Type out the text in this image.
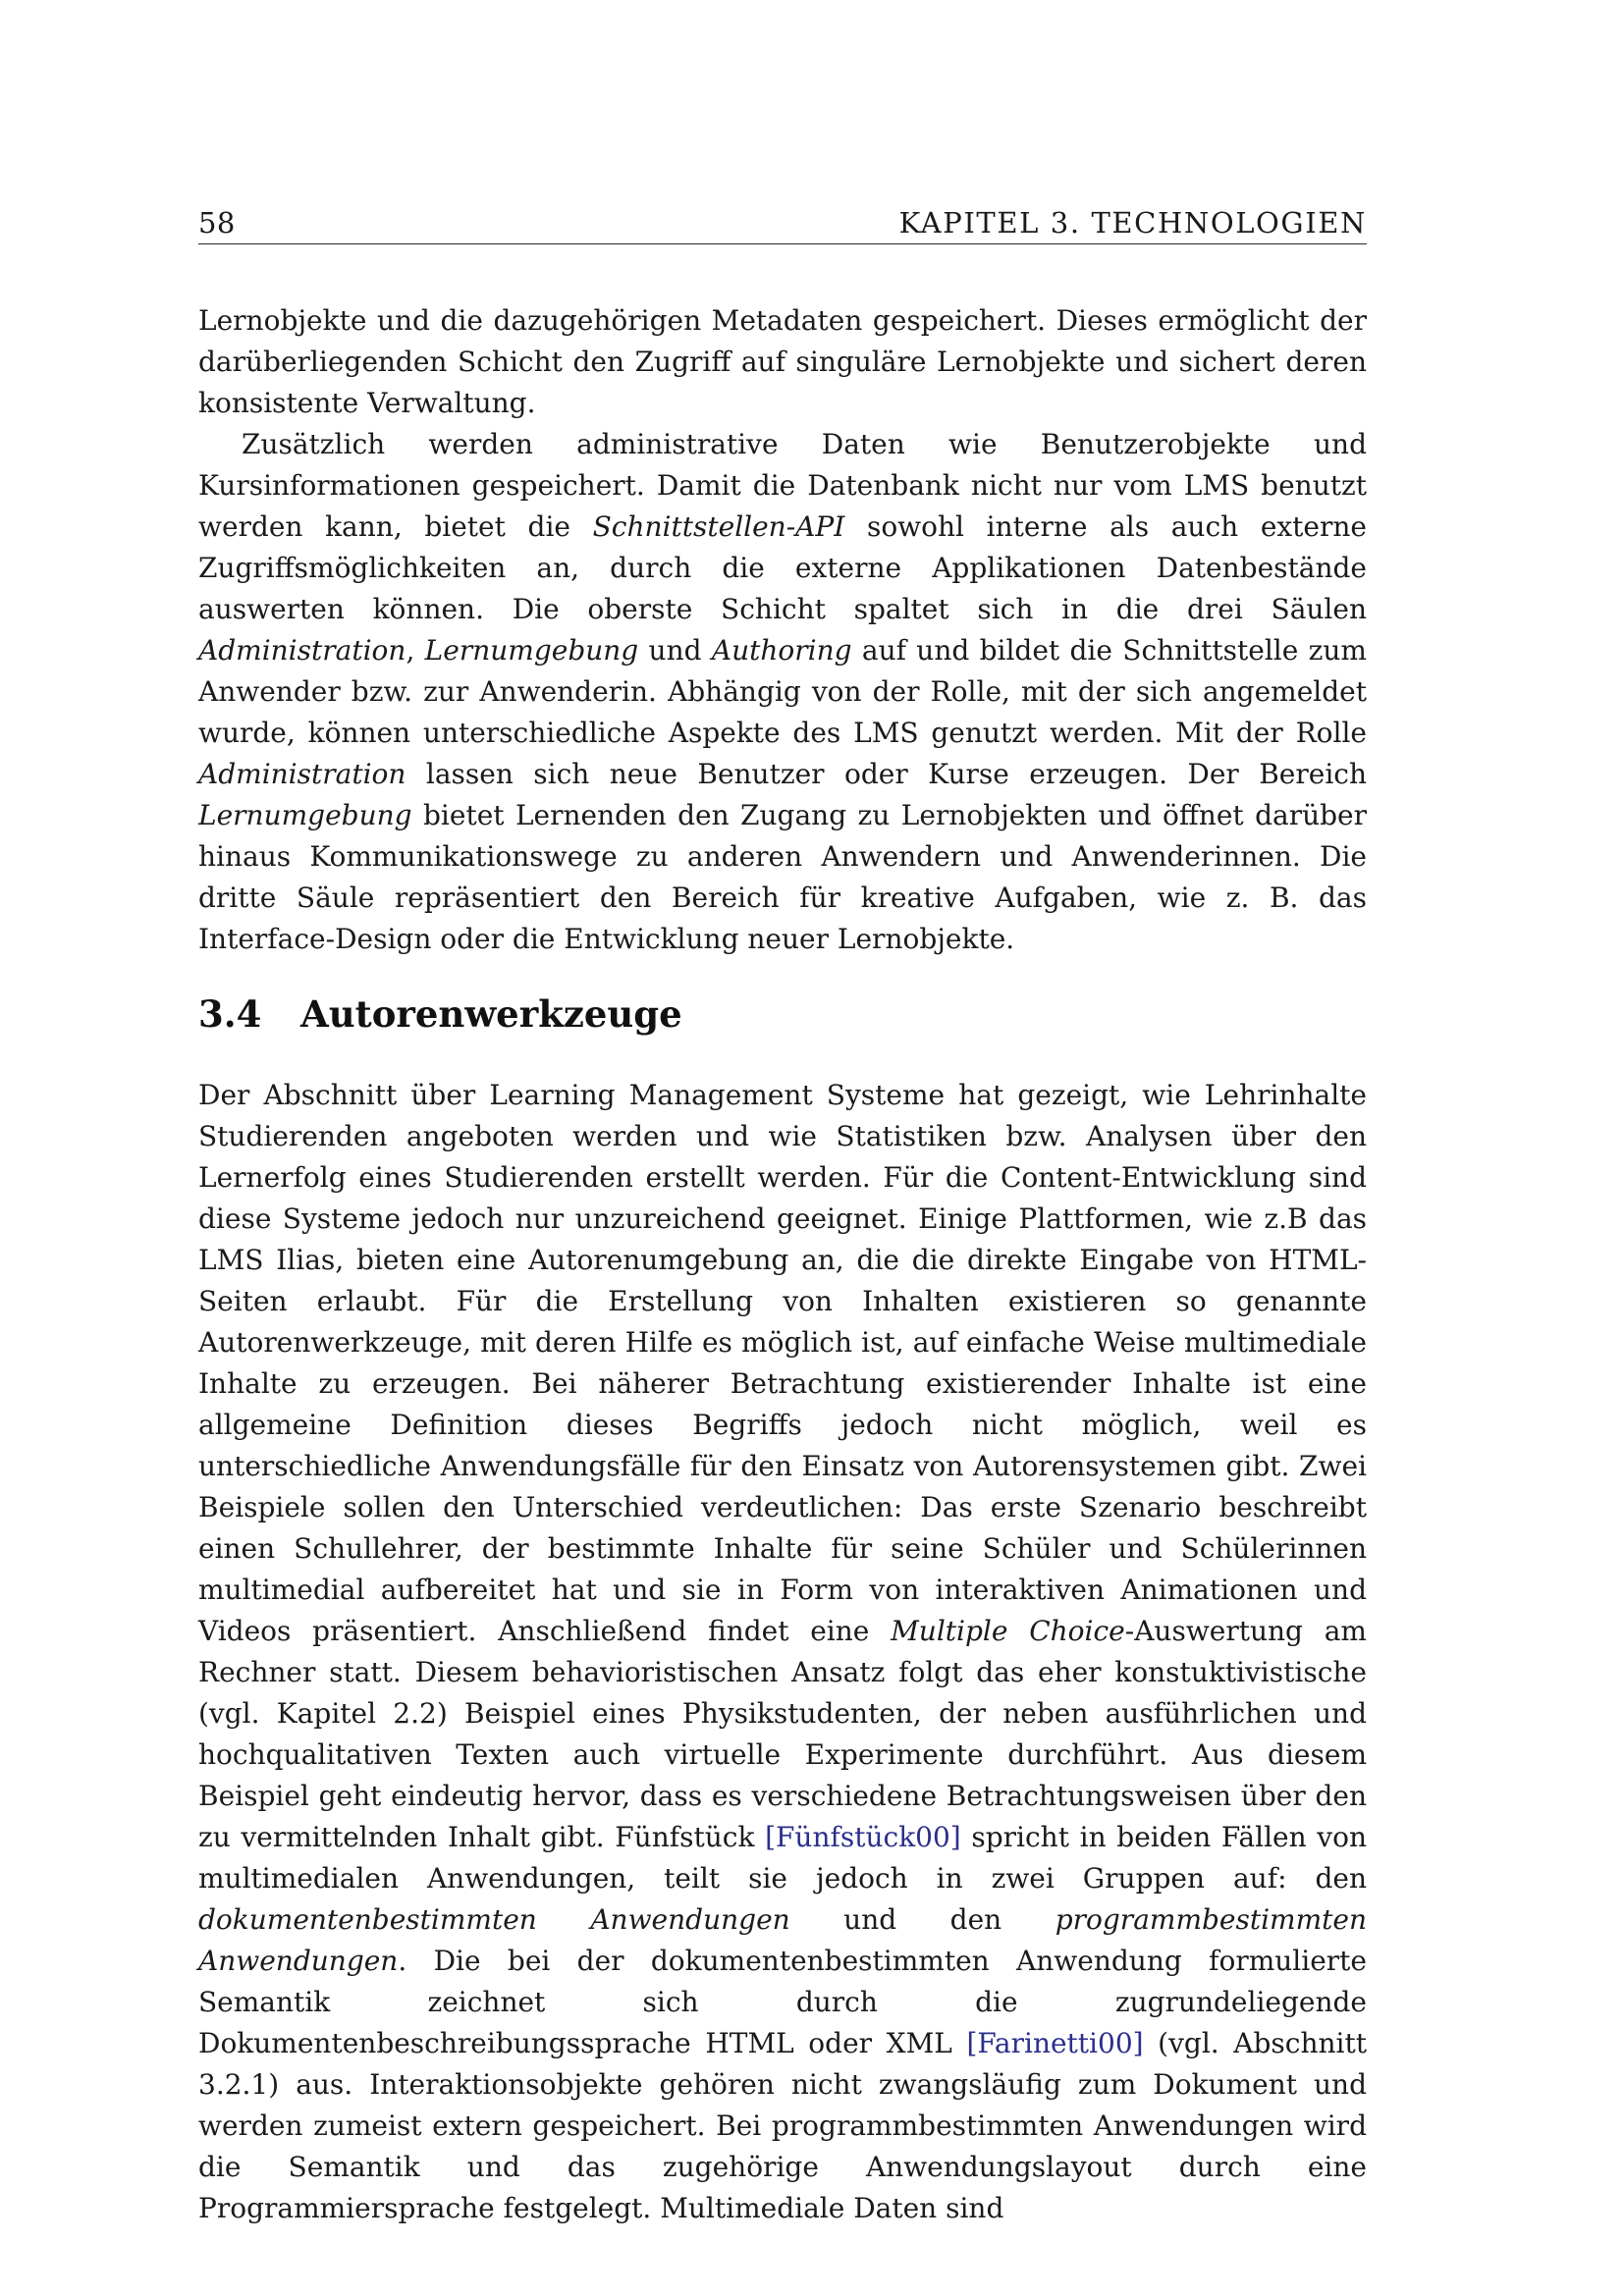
58	KAPITEL 3. TECHNOLOGIEN

Lernobjekte und die dazugehörigen Metadaten gespeichert. Dieses ermöglicht der darüberliegenden Schicht den Zugriff auf singuläre Lernobjekte und sichert deren konsistente Verwaltung.

Zusätzlich werden administrative Daten wie Benutzerobjekte und Kursinformationen gespeichert. Damit die Datenbank nicht nur vom LMS benutzt werden kann, bietet die Schnittstellen-API sowohl interne als auch externe Zugriffsmöglichkeiten an, durch die externe Applikationen Datenbestände auswerten können. Die oberste Schicht spaltet sich in die drei Säulen Administration, Lernumgebung und Authoring auf und bildet die Schnittstelle zum Anwender bzw. zur Anwenderin. Abhängig von der Rolle, mit der sich angemeldet wurde, können unterschiedliche Aspekte des LMS genutzt werden. Mit der Rolle Administration lassen sich neue Benutzer oder Kurse erzeugen. Der Bereich Lernumgebung bietet Lernenden den Zugang zu Lernobjekten und öffnet darüber hinaus Kommunikationswege zu anderen Anwendern und Anwenderinnen. Die dritte Säule repräsentiert den Bereich für kreative Aufgaben, wie z. B. das Interface-Design oder die Entwicklung neuer Lernobjekte.

3.4 Autorenwerkzeuge

Der Abschnitt über Learning Management Systeme hat gezeigt, wie Lehrinhalte Studierenden angeboten werden und wie Statistiken bzw. Analysen über den Lernerfolg eines Studierenden erstellt werden. Für die Content-Entwicklung sind diese Systeme jedoch nur unzureichend geeignet. Einige Plattformen, wie z.B das LMS Ilias, bieten eine Autorenumgebung an, die die direkte Eingabe von HTML-Seiten erlaubt. Für die Erstellung von Inhalten existieren so genannte Autorenwerkzeuge, mit deren Hilfe es möglich ist, auf einfache Weise multimediale Inhalte zu erzeugen. Bei näherer Betrachtung existierender Inhalte ist eine allgemeine Definition dieses Begriffs jedoch nicht möglich, weil es unterschiedliche Anwendungsfälle für den Einsatz von Autorensystemen gibt. Zwei Beispiele sollen den Unterschied verdeutlichen: Das erste Szenario beschreibt einen Schullehrer, der bestimmte Inhalte für seine Schüler und Schülerinnen multimedial aufbereitet hat und sie in Form von interaktiven Animationen und Videos präsentiert. Anschließend findet eine Multiple Choice-Auswertung am Rechner statt. Diesem behavioristischen Ansatz folgt das eher konstuktivistische (vgl. Kapitel 2.2) Beispiel eines Physikstudenten, der neben ausführlichen und hochqualitativen Texten auch virtuelle Experimente durchführt. Aus diesem Beispiel geht eindeutig hervor, dass es verschiedene Betrachtungsweisen über den zu vermittelnden Inhalt gibt. Fünfstück [Fünfstück00] spricht in beiden Fällen von multimedialen Anwendungen, teilt sie jedoch in zwei Gruppen auf: den dokumentenbestimmten Anwendungen und den programmbestimmten Anwendungen. Die bei der dokumentenbestimmten Anwendung formulierte Semantik zeichnet sich durch die zugrundeliegende Dokumentenbeschreibungssprache HTML oder XML [Farinetti00] (vgl. Abschnitt 3.2.1) aus. Interaktionsobjekte gehören nicht zwangsläufig zum Dokument und werden zumeist extern gespeichert. Bei programmbestimmten Anwendungen wird die Semantik und das zugehörige Anwendungslayout durch eine Programmiersprache festgelegt. Multimediale Daten sind
